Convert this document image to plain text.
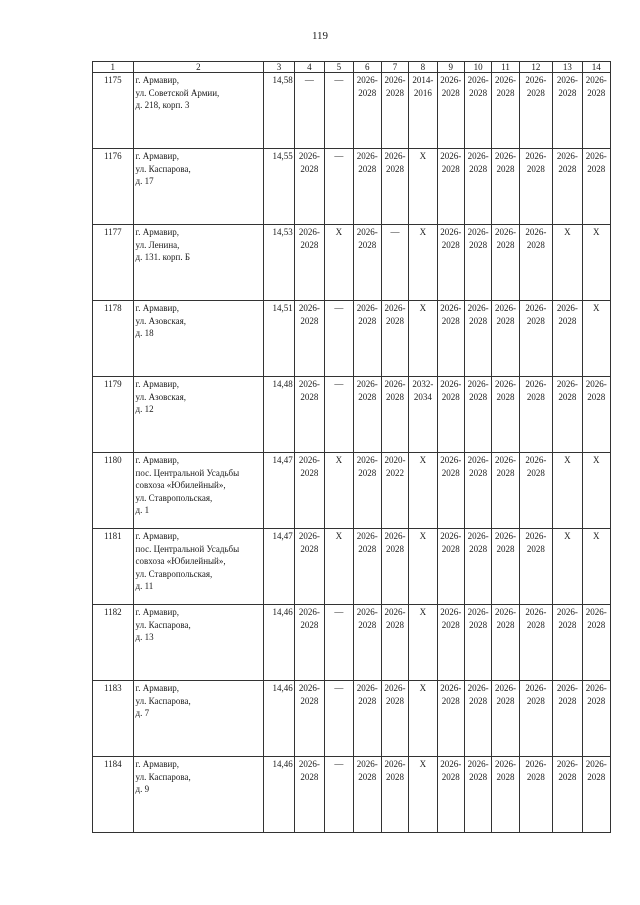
119
1	2	3	4	5	6	7	8	9	10	11	12	13	14
1175	г. Армавир,
ул. Советской Армии,
д. 218, корп. 3	14,58	—	—	2026-
2028	2026-
2028	2014-
2016	2026-
2028	2026-
2028	2026-
2028	2026-
2028	2026-
2028	2026-
2028
1176	г. Армавир,
ул. Каспарова,
д. 17	14,55	2026-
2028	—	2026-
2028	2026-
2028	X	2026-
2028	2026-
2028	2026-
2028	2026-
2028	2026-
2028	2026-
2028
1177	г. Армавир,
ул. Ленина,
д. 131. корп. Б	14,53	2026-
2028	X	2026-
2028	—	X	2026-
2028	2026-
2028	2026-
2028	2026-
2028	X	X
1178	г. Армавир,
ул. Азовская,
д. 18	14,51	2026-
2028	—	2026-
2028	2026-
2028	X	2026-
2028	2026-
2028	2026-
2028	2026-
2028	2026-
2028	X
1179	г. Армавир,
ул. Азовская,
д. 12	14,48	2026-
2028	—	2026-
2028	2026-
2028	2032-
2034	2026-
2028	2026-
2028	2026-
2028	2026-
2028	2026-
2028	2026-
2028
1180	г. Армавир,
пос. Центральной Усадьбы
совхоза «Юбилейный»,
ул. Ставропольская,
д. 1	14,47	2026-
2028	X	2026-
2028	2020-
2022	X	2026-
2028	2026-
2028	2026-
2028	2026-
2028	X	X
1181	г. Армавир,
пос. Центральной Усадьбы
совхоза «Юбилейный»,
ул. Ставропольская,
д. 11	14,47	2026-
2028	X	2026-
2028	2026-
2028	X	2026-
2028	2026-
2028	2026-
2028	2026-
2028	X	X
1182	г. Армавир,
ул. Каспарова,
д. 13	14,46	2026-
2028	—	2026-
2028	2026-
2028	X	2026-
2028	2026-
2028	2026-
2028	2026-
2028	2026-
2028	2026-
2028
1183	г. Армавир,
ул. Каспарова,
д. 7	14,46	2026-
2028	—	2026-
2028	2026-
2028	X	2026-
2028	2026-
2028	2026-
2028	2026-
2028	2026-
2028	2026-
2028
1184	г. Армавир,
ул. Каспарова,
д. 9	14,46	2026-
2028	—	2026-
2028	2026-
2028	X	2026-
2028	2026-
2028	2026-
2028	2026-
2028	2026-
2028	2026-
2028
